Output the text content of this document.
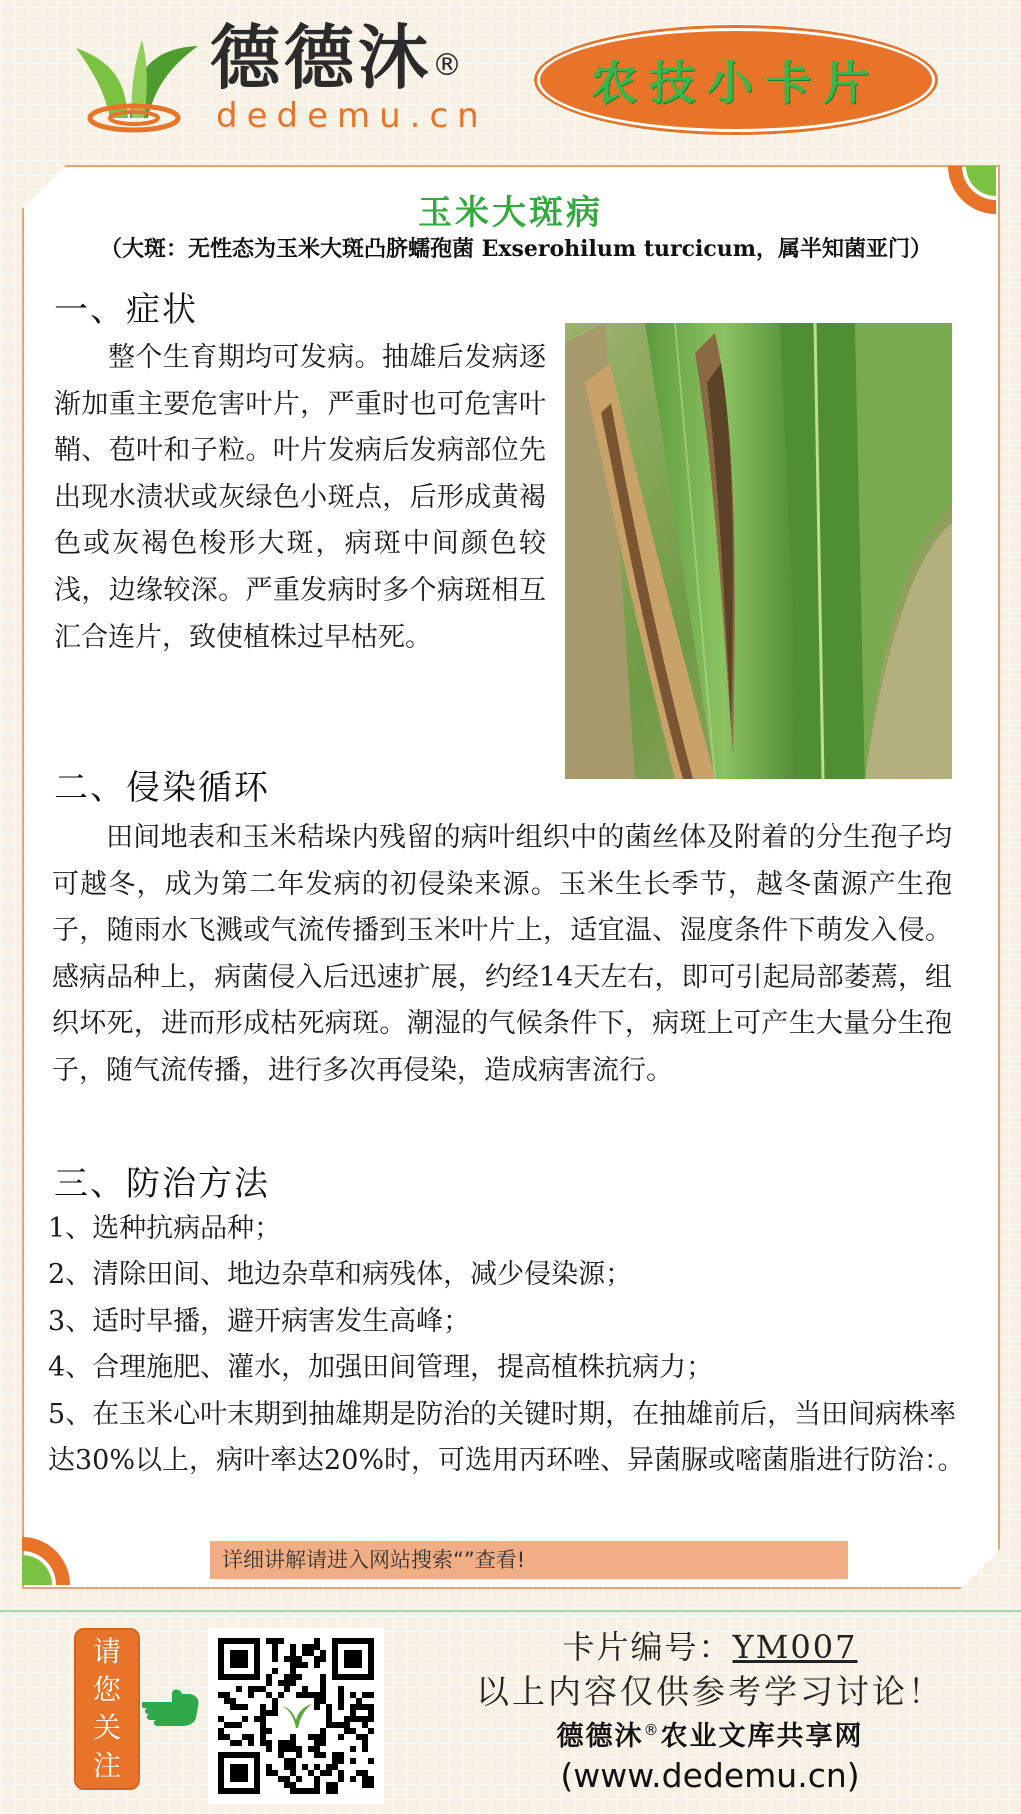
德德沐®
dedemu.cn
农技小卡片
玉米大斑病
（大斑：无性态为玉米大斑凸脐蠕孢菌 Exserohilum turcicum，属半知菌亚门）
一、症状
整个生育期均可发病。抽雄后发病逐渐加重主要危害叶片，严重时也可危害叶鞘、苞叶和子粒。叶片发病后发病部位先出现水渍状或灰绿色小斑点，后形成黄褐色或灰褐色梭形大斑，病斑中间颜色较浅，边缘较深。严重发病时多个病斑相互汇合连片，致使植株过早枯死。
二、侵染循环
田间地表和玉米秸垛内残留的病叶组织中的菌丝体及附着的分生孢子均可越冬，成为第二年发病的初侵染来源。玉米生长季节，越冬菌源产生孢子，随雨水飞溅或气流传播到玉米叶片上，适宜温、湿度条件下萌发入侵。感病品种上，病菌侵入后迅速扩展，约经14天左右，即可引起局部萎蔫，组织坏死，进而形成枯死病斑。潮湿的气候条件下，病斑上可产生大量分生孢子，随气流传播，进行多次再侵染，造成病害流行。
三、防治方法
1、选种抗病品种；
2、清除田间、地边杂草和病残体，减少侵染源；
3、适时早播，避开病害发生高峰；
4、合理施肥、灌水，加强田间管理，提高植株抗病力；
5、在玉米心叶末期到抽雄期是防治的关键时期，在抽雄前后，当田间病株率达30%以上，病叶率达20%时，可选用丙环唑、异菌脲或嘧菌脂进行防治：。
详细讲解请进入网站搜索“”查看!
请
您
关
注
卡片编号：YM007
以上内容仅供参考学习讨论！
德德沐®农业文库共享网
(www.dedemu.cn)
